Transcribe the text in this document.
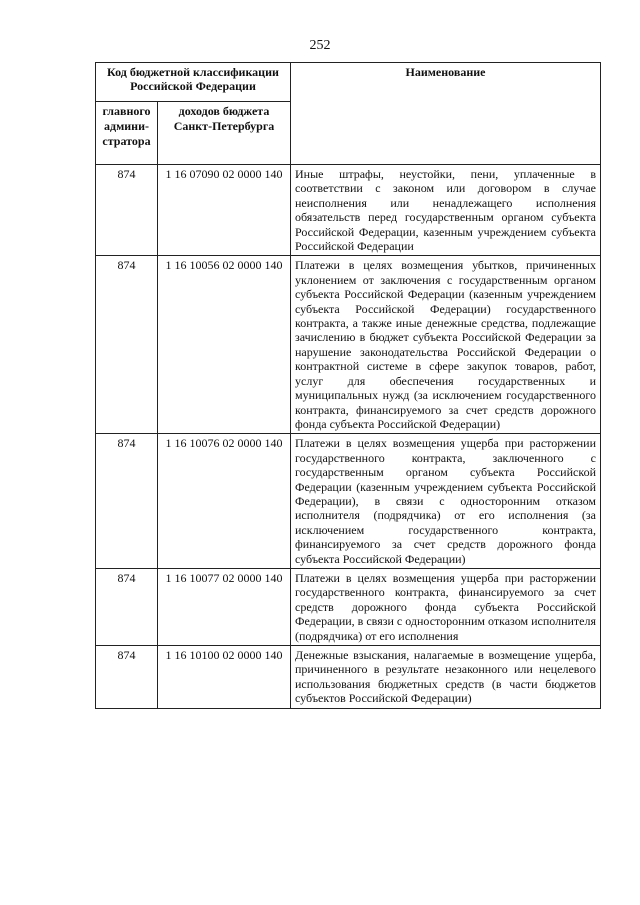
252
Код бюджетной классификации Российской Федерации		Наименование
главного админи-стратора	доходов бюджета Санкт-Петербурга	
874	1 16 07090 02 0000 140	Иные штрафы, неустойки, пени, уплаченные в соответствии с законом или договором в случае неисполнения или ненадлежащего исполнения обязательств перед государственным органом субъекта Российской Федерации, казенным учреждением субъекта Российской Федерации
874	1 16 10056 02 0000 140	Платежи в целях возмещения убытков, причиненных уклонением от заключения с государственным органом субъекта Российской Федерации (казенным учреждением субъекта Российской Федерации) государственного контракта, а также иные денежные средства, подлежащие зачислению в бюджет субъекта Российской Федерации за нарушение законодательства Российской Федерации о контрактной системе в сфере закупок товаров, работ, услуг для обеспечения государственных и муниципальных нужд (за исключением государственного контракта, финансируемого за счет средств дорожного фонда субъекта Российской Федерации)
874	1 16 10076 02 0000 140	Платежи в целях возмещения ущерба при расторжении государственного контракта, заключенного с государственным органом субъекта Российской Федерации (казенным учреждением субъекта Российской Федерации), в связи с односторонним отказом исполнителя (подрядчика) от его исполнения (за исключением государственного контракта, финансируемого за счет средств дорожного фонда субъекта Российской Федерации)
874	1 16 10077 02 0000 140	Платежи в целях возмещения ущерба при расторжении государственного контракта, финансируемого за счет средств дорожного фонда субъекта Российской Федерации, в связи с односторонним отказом исполнителя (подрядчика) от его исполнения
874	1 16 10100 02 0000 140	Денежные взыскания, налагаемые в возмещение ущерба, причиненного в результате незаконного или нецелевого использования бюджетных средств (в части бюджетов субъектов Российской Федерации)
